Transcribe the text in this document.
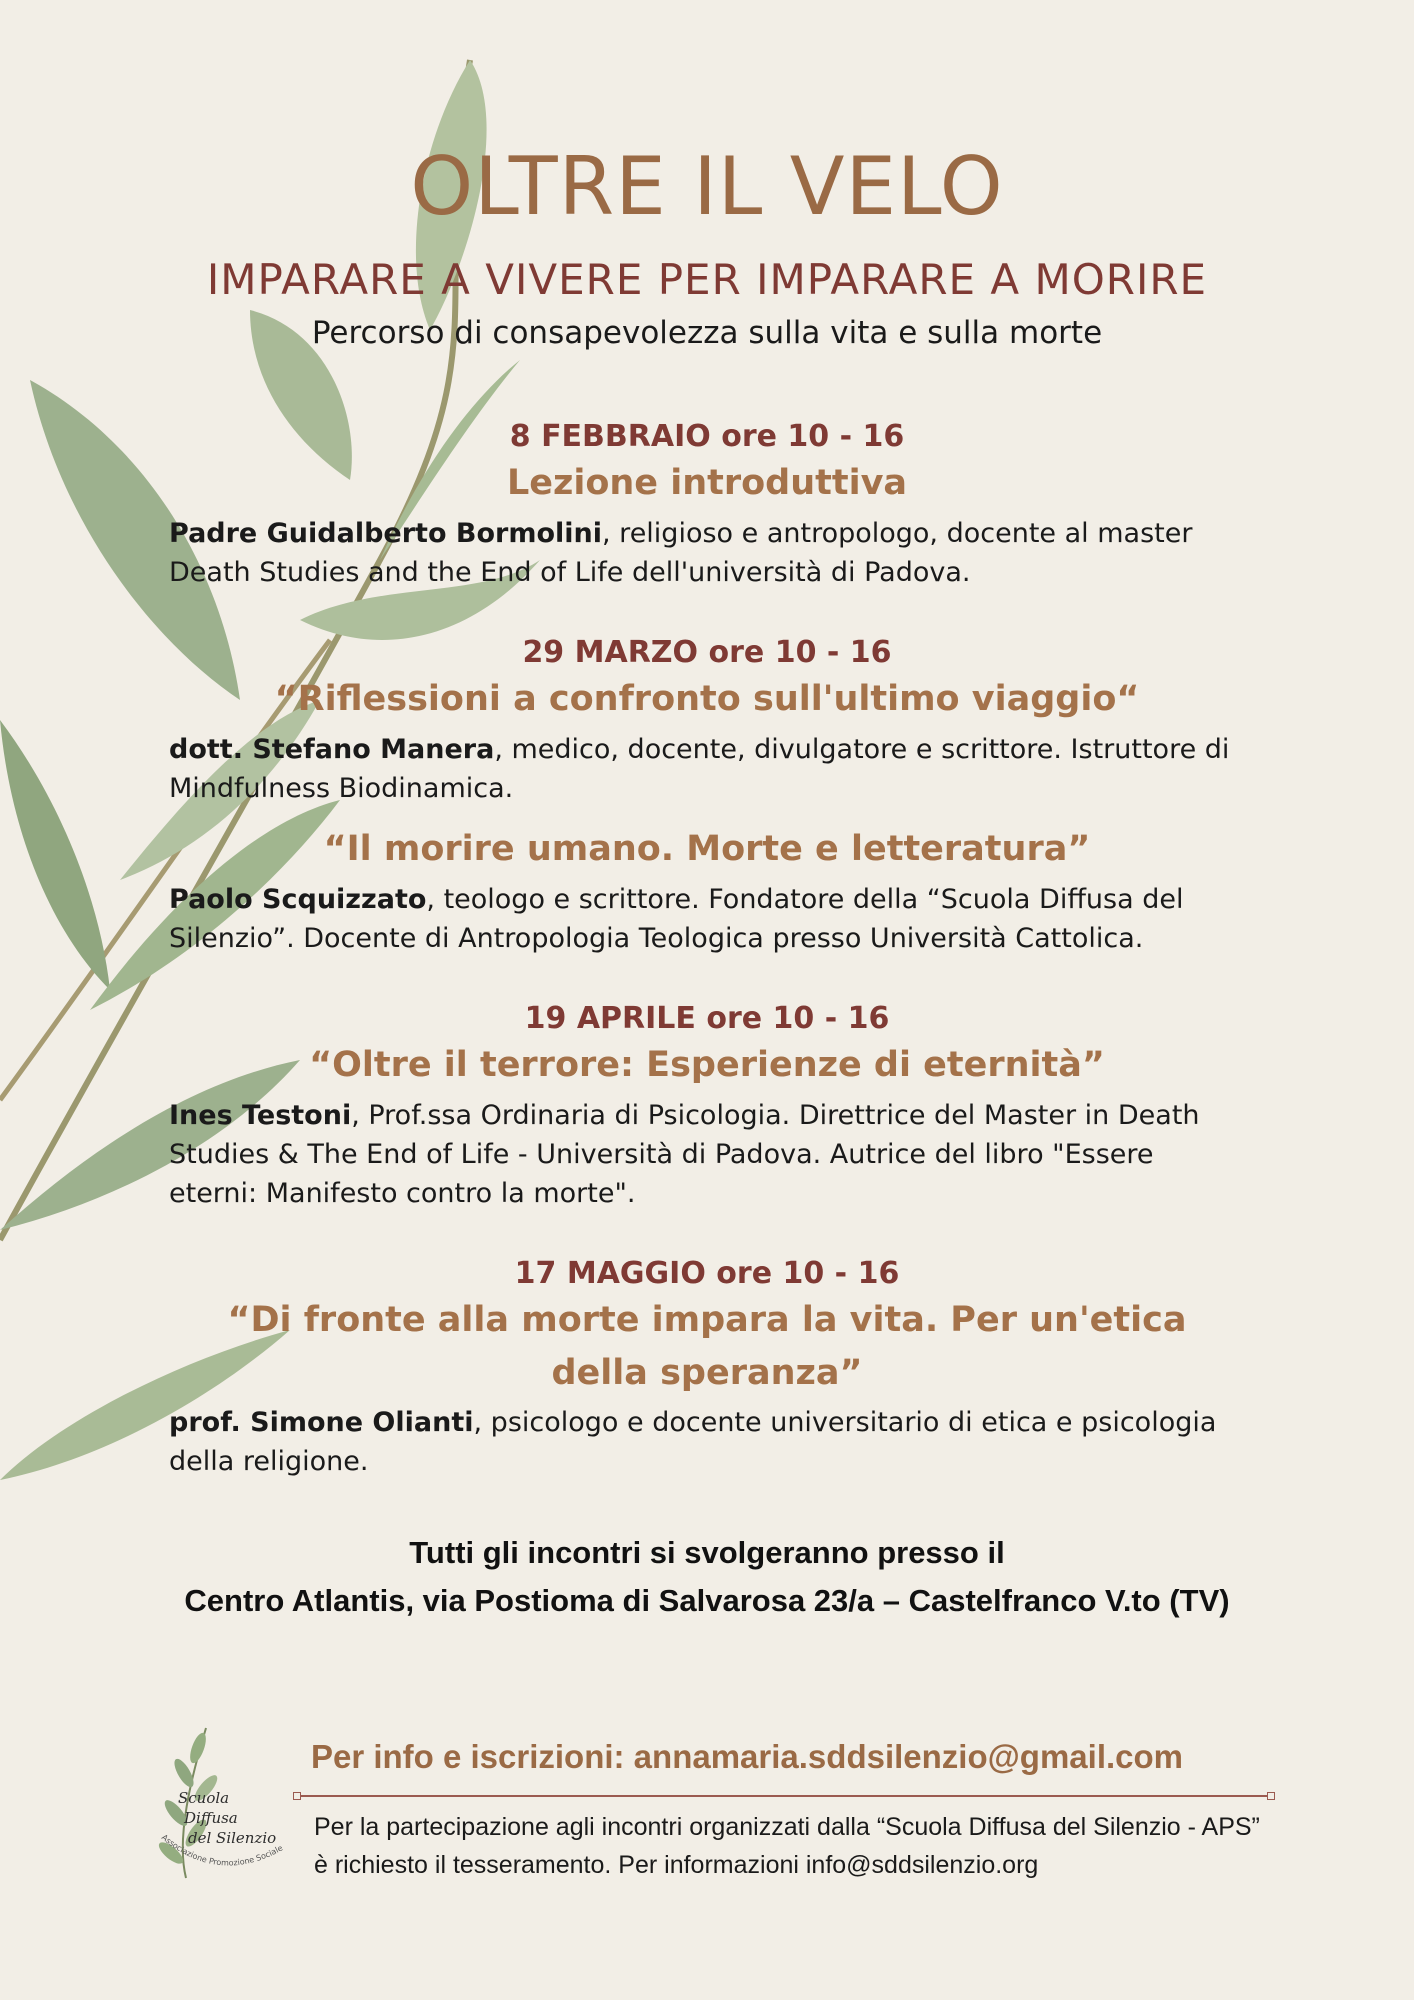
OLTRE IL VELO
IMPARARE A VIVERE PER IMPARARE A MORIRE
Percorso di consapevolezza sulla vita e sulla morte
8 FEBBRAIO ore 10 - 16
Lezione introduttiva
Padre Guidalberto Bormolini, religioso e antropologo, docente al master Death Studies and the End of Life dell'università di Padova.
29 MARZO ore 10 - 16
“Riflessioni a confronto sull'ultimo viaggio“
dott. Stefano Manera, medico, docente, divulgatore e scrittore. Istruttore di Mindfulness Biodinamica.
“Il morire umano. Morte e letteratura”
Paolo Scquizzato, teologo e scrittore. Fondatore della “Scuola Diffusa del Silenzio”. Docente di Antropologia Teologica presso Università Cattolica.
19 APRILE ore 10 - 16
“Oltre il terrore: Esperienze di eternità”
Ines Testoni, Prof.ssa Ordinaria di Psicologia. Direttrice del Master in Death Studies & The End of Life - Università di Padova. Autrice del libro "Essere eterni: Manifesto contro la morte".
17 MAGGIO ore 10 - 16
“Di fronte alla morte impara la vita. Per un'etica
della speranza”
prof. Simone Olianti, psicologo e docente universitario di etica e psicologia della religione.
Tutti gli incontri si svolgeranno presso il
Centro Atlantis, via Postioma di Salvarosa 23/a – Castelfranco V.to (TV)
Scuola
Diffusa
del Silenzio
Associazione Promozione Sociale
Per info e iscrizioni: annamaria.sddsilenzio@gmail.com
Per la partecipazione agli incontri organizzati dalla “Scuola Diffusa del Silenzio - APS” è richiesto il tesseramento. Per informazioni info@sddsilenzio.org
